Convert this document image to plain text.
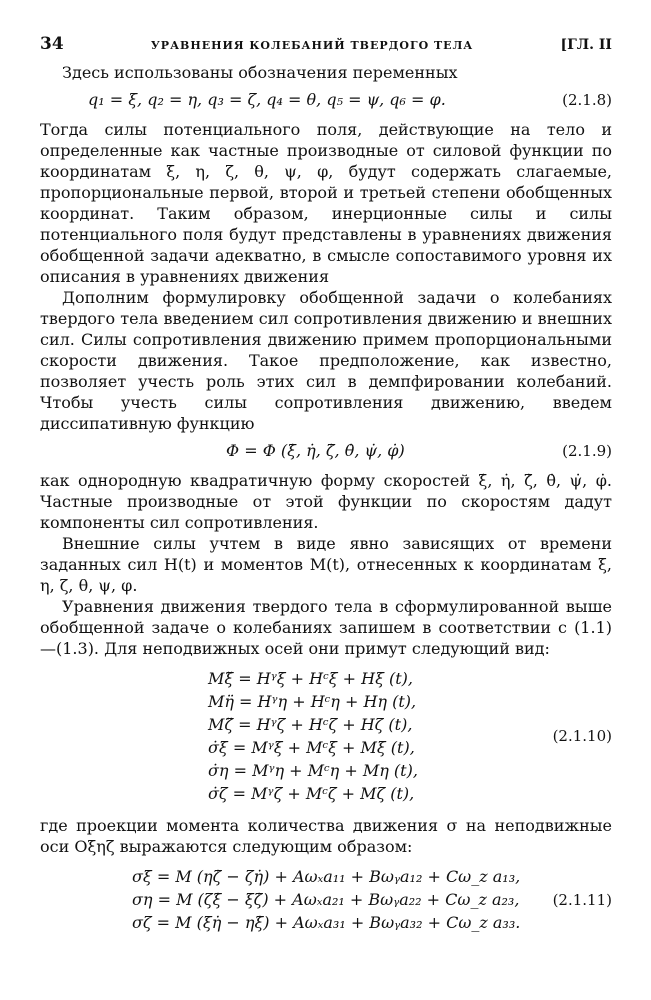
34	УРАВНЕНИЯ КОЛЕБАНИЙ ТВЕРДОГО ТЕЛА	[ГЛ. II

Здесь использованы обозначения переменных

q₁ = ξ, q₂ = η, q₃ = ζ, q₄ = θ, q₅ = ψ, q₆ = φ.	(2.1.8)

Тогда силы потенциального поля, действующие на тело и определенные как частные производные от силовой функции по координатам ξ, η, ζ, θ, ψ, φ, будут содержать слагаемые, пропорциональные первой, второй и третьей степени обобщенных координат. Таким образом, инерционные силы и силы потенциального поля будут представлены в уравнениях движения обобщенной задачи адекватно, в смысле сопоставимого уровня их описания в уравнениях движения

Дополним формулировку обобщенной задачи о колебаниях твердого тела введением сил сопротивления движению и внешних сил. Силы сопротивления движению примем пропорциональными скорости движения. Такое предположение, как известно, позволяет учесть роль этих сил в демпфировании колебаний. Чтобы учесть силы сопротивления движению, введем диссипативную функцию

Φ = Φ (ξ̇, η̇, ζ̇, θ̇, ψ̇, φ̇)	(2.1.9)

как однородную квадратичную форму скоростей ξ̇, η̇, ζ̇, θ̇, ψ̇, φ̇. Частные производные от этой функции по скоростям дадут компоненты сил сопротивления.

Внешние силы учтем в виде явно зависящих от времени заданных сил H(t) и моментов M(t), отнесенных к координатам ξ, η, ζ, θ, ψ, φ.

Уравнения движения твердого тела в сформулированной выше обобщенной задаче о колебаниях запишем в соответствии с (1.1)—(1.3). Для неподвижных осей они примут следующий вид:

Mξ̈ = Hᵞξ + Hᶜξ + Hξ (t),
Mη̈ = Hᵞη + Hᶜη + Hη (t),
Mζ̈ = Hᵞζ + Hᶜζ + Hζ (t),
σ̇ξ = Mᵞξ + Mᶜξ + Mξ (t),
σ̇η = Mᵞη + Mᶜη + Mη (t),
σ̇ζ = Mᵞζ + Mᶜζ + Mζ (t),
(2.1.10)

где проекции момента количества движения σ на неподвижные оси Oξηζ выражаются следующим образом:

σξ = M (ηζ̇ − ζη̇) + Aωₓa₁₁ + Bωᵧa₁₂ + Cω_z a₁₃,
ση = M (ζξ̇ − ξζ̇) + Aωₓa₂₁ + Bωᵧa₂₂ + Cω_z a₂₃,
σζ = M (ξη̇ − ηξ̇) + Aωₓa₃₁ + Bωᵧa₃₂ + Cω_z a₃₃.
(2.1.11)
